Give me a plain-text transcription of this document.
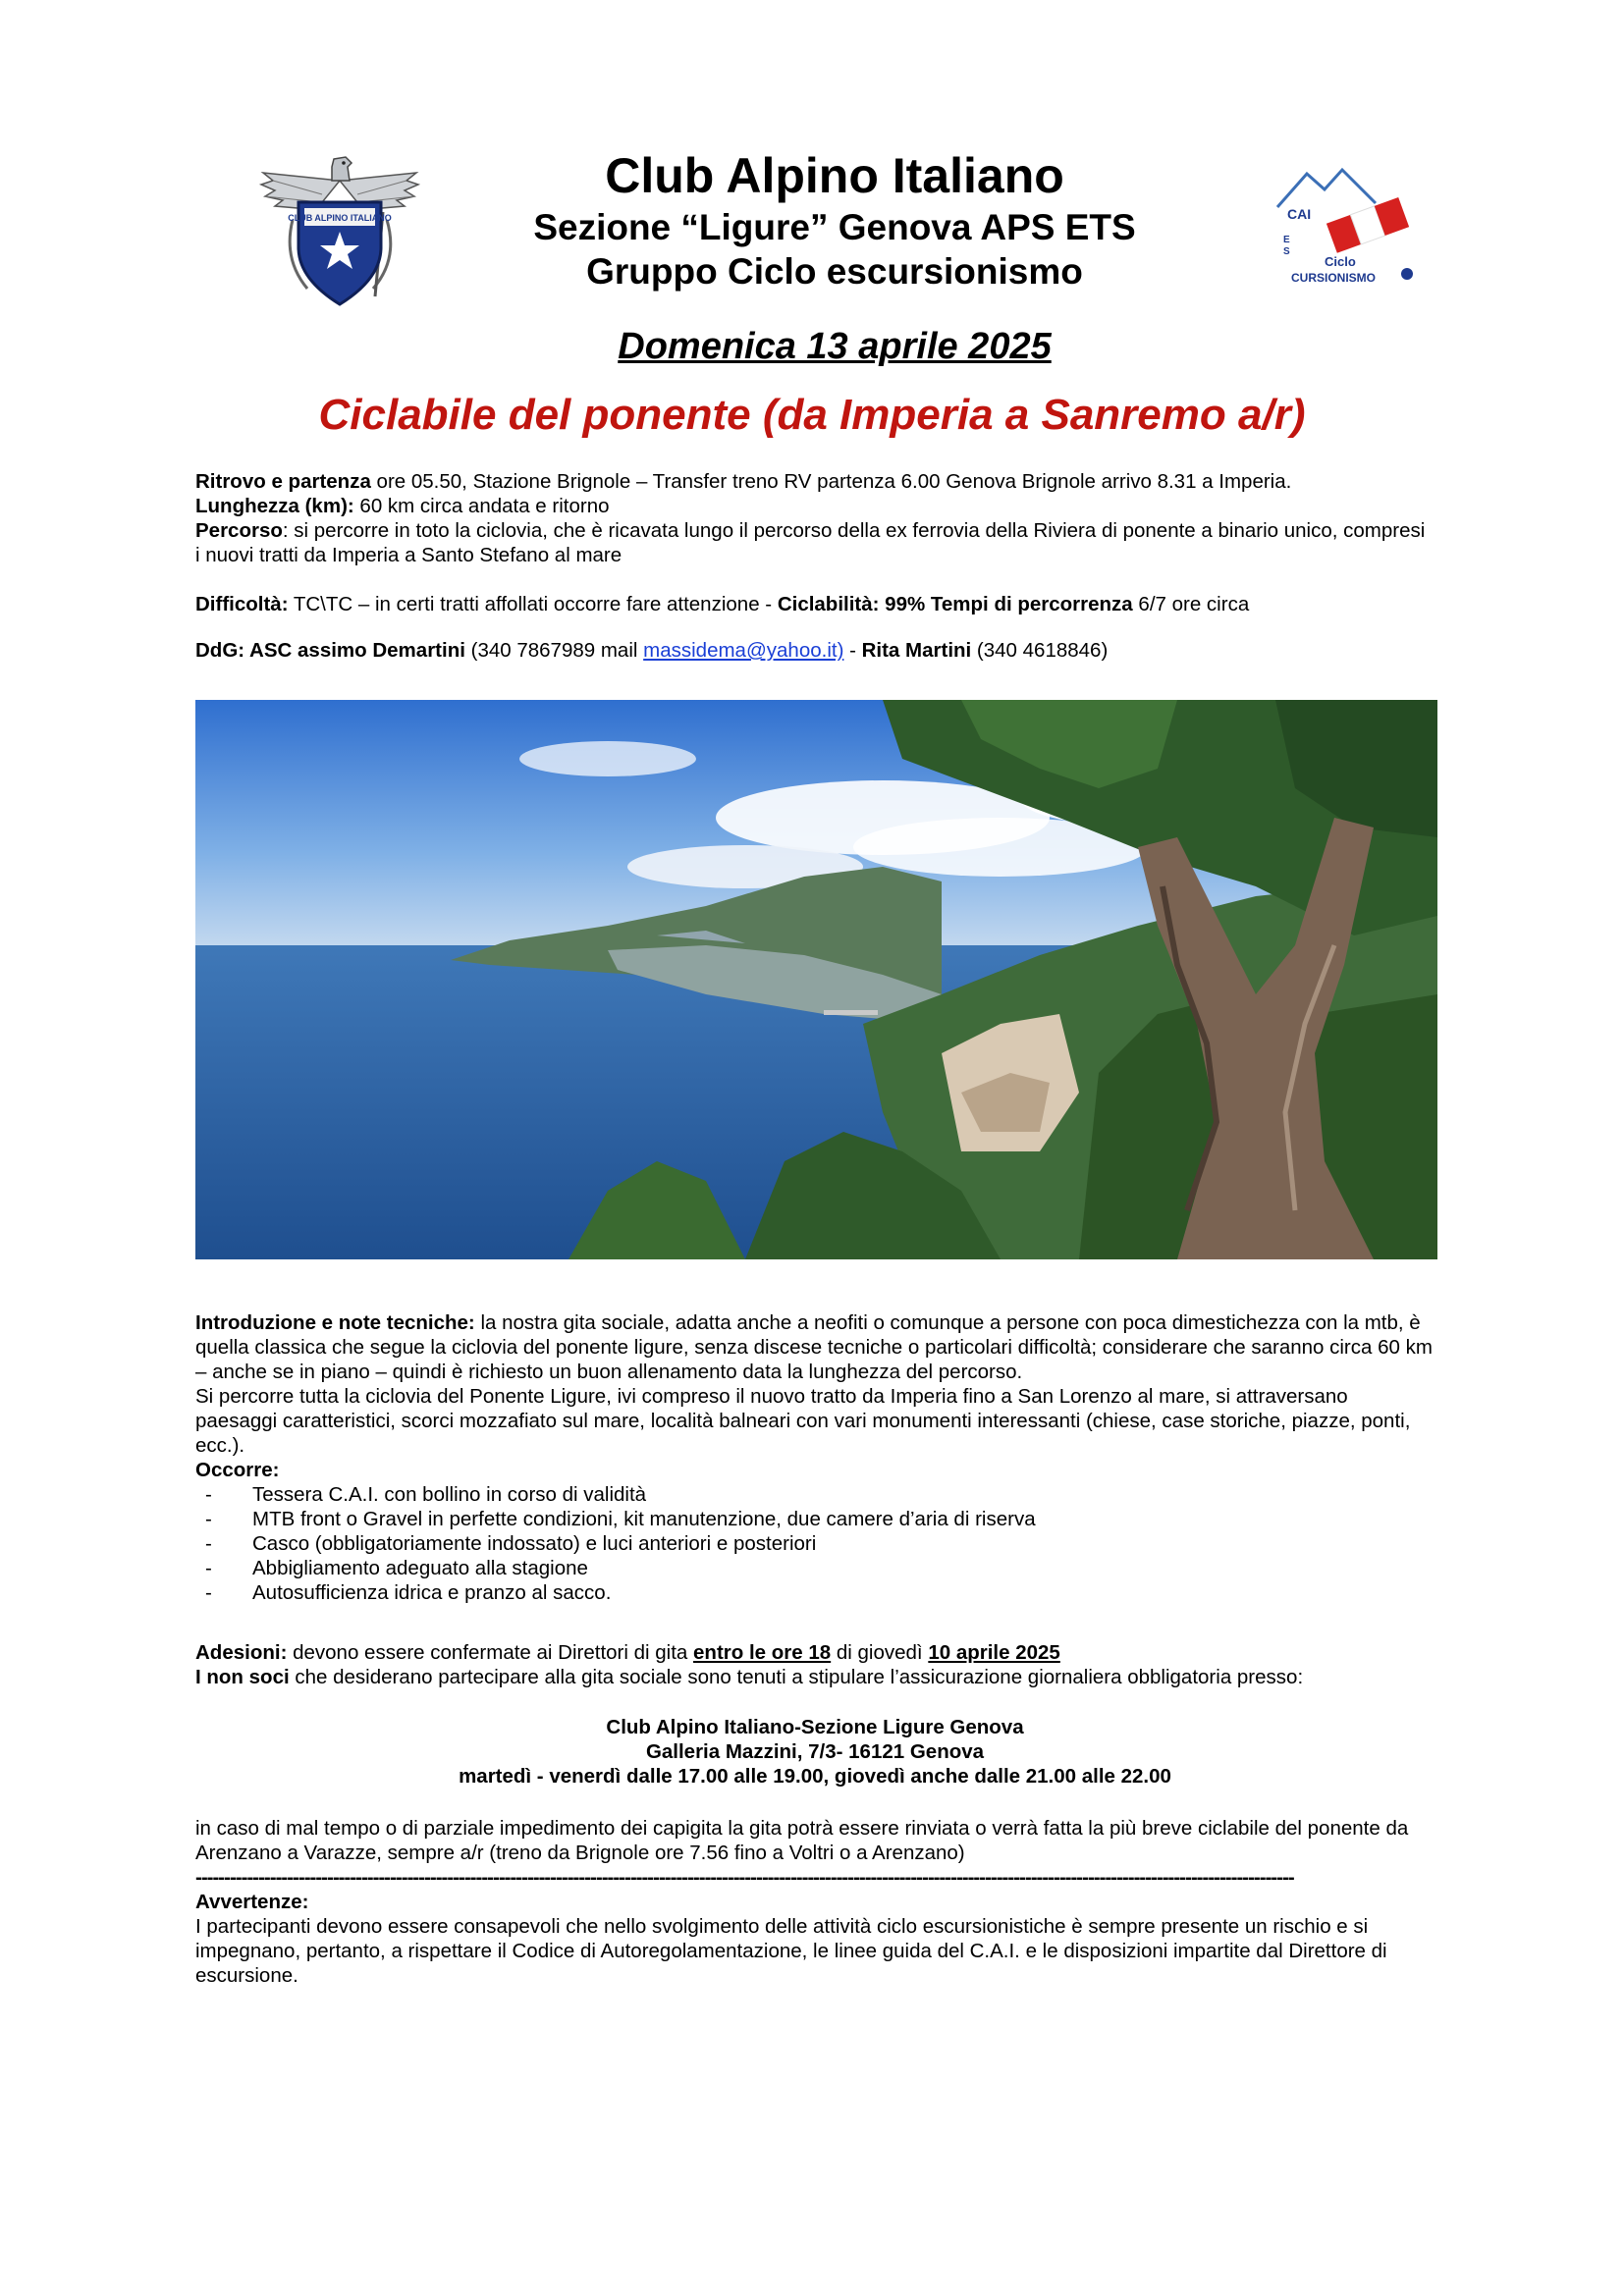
CLUB ALPINO ITALIANO
Club Alpino Italiano
Sezione “Ligure” Genova APS ETS
Gruppo Ciclo escursionismo
CAI
E
S
Ciclo
CURSIONISMO
Domenica 13 aprile 2025
Ciclabile del ponente (da Imperia a Sanremo a/r)

Ritrovo e partenza ore 05.50, Stazione Brignole – Transfer treno RV partenza 6.00 Genova Brignole arrivo 8.31 a Imperia.

Lunghezza (km): 60 km circa andata e ritorno

Percorso: si percorre in toto la ciclovia, che è ricavata lungo il percorso della ex ferrovia della Riviera di ponente a binario unico, compresi i nuovi tratti da Imperia a Santo Stefano al mare

Difficoltà: TC\TC – in certi tratti affollati occorre fare attenzione - Ciclabilità: 99% Tempi di percorrenza 6/7 ore circa
DdG: ASC assimo Demartini (340 7867989 mail massidema@yahoo.it) - Rita Martini (340 4618846)

Introduzione e note tecniche: la nostra gita sociale, adatta anche a neofiti o comunque a persone con poca dimestichezza con la mtb, è quella classica che segue la ciclovia del ponente ligure, senza discese tecniche o particolari difficoltà; considerare che saranno circa 60 km – anche se in piano – quindi è richiesto un buon allenamento data la lunghezza del percorso.

Si percorre tutta la ciclovia del Ponente Ligure, ivi compreso il nuovo tratto da Imperia fino a San Lorenzo al mare, si attraversano paesaggi caratteristici, scorci mozzafiato sul mare, località balneari con vari monumenti interessanti (chiese, case storiche, piazze, ponti, ecc.).

Occorre:

- Tessera C.A.I. con bollino in corso di validità
- MTB front o Gravel in perfette condizioni, kit manutenzione, due camere d’aria di riserva
- Casco (obbligatoriamente indossato) e luci anteriori e posteriori
- Abbigliamento adeguato alla stagione
- Autosufficienza idrica e pranzo al sacco.

Adesioni: devono essere confermate ai Direttori di gita entro le ore 18 di giovedì 10 aprile 2025

I non soci che desiderano partecipare alla gita sociale sono tenuti a stipulare l’assicurazione giornaliera obbligatoria presso:

Club Alpino Italiano-Sezione Ligure Genova

Galleria Mazzini, 7/3- 16121 Genova

martedì - venerdì dalle 17.00 alle 19.00, giovedì anche dalle 21.00 alle 22.00

in caso di mal tempo o di parziale impedimento dei capigita la gita potrà essere rinviata o verrà fatta la più breve ciclabile del ponente da Arenzano a Varazze, sempre a/r (treno da Brignole ore 7.56 fino a Voltri o a Arenzano)

------------------------------------------------------------------------------------------------------------------------------------------------------------------------------------------------

Avvertenze:

I partecipanti devono essere consapevoli che nello svolgimento delle attività ciclo escursionistiche è sempre presente un rischio e si impegnano, pertanto, a rispettare il Codice di Autoregolamentazione, le linee guida del C.A.I. e le disposizioni impartite dal Direttore di escursione.
